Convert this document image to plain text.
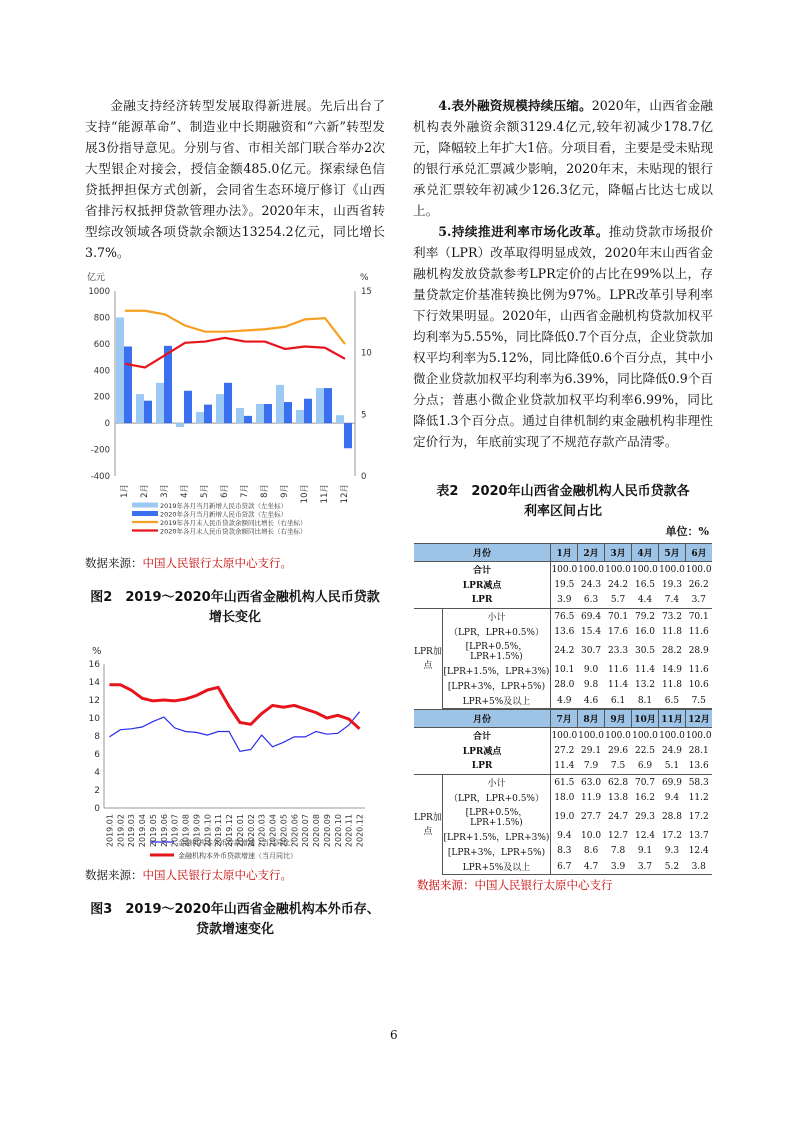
金融支持经济转型发展取得新进展。先后出台了支持“能源革命”、制造业中长期融资和“六新”转型发展3份指导意见。分别与省、市相关部门联合举办2次大型银企对接会，授信金额485.0亿元。探索绿色信贷抵押担保方式创新，会同省生态环境厅修订《山西省排污权抵押贷款管理办法》。2020年末，山西省转型综改领域各项贷款余额达13254.2亿元，同比增长3.7%。

亿元	%
-400
-200
0
200
400
600
800
1000
0
5
10
15
1月 2月 3月 4月 5月 6月 7月 8月 9月 10月 11月 12月
2019年各月当月新增人民币贷款（左坐标）
2020年各月当月新增人民币贷款（左坐标）
2019年各月末人民币贷款余额同比增长（右坐标）
2020年各月末人民币贷款余额同比增长（右坐标）
数据来源：中国人民银行太原中心支行。
图2　2019～2020年山西省金融机构人民币贷款增长变化
%
0
2
4
6
8
10
12
14
16
2019.01 2019.02 2019.03 2019.04 2019.05 2019.06 2019.07 2019.08 2019.09 2019.10 2019.11 2019.12 2020.01 2020.02 2020.03 2020.04 2020.05 2020.06 2020.07 2020.08 2020.09 2020.10 2020.11 2020.12
金融机构本外币存款增速（当月同比）
金融机构本外币贷款增速（当月同比）
数据来源：中国人民银行太原中心支行。
图3　2019～2020年山西省金融机构本外币存、贷款增速变化

4.表外融资规模持续压缩。2020年，山西省金融机构表外融资余额3129.4亿元,较年初减少178.7亿元，降幅较上年扩大1倍。分项目看，主要是受未贴现的银行承兑汇票减少影响，2020年末，未贴现的银行承兑汇票较年初减少126.3亿元，降幅占比达七成以上。

5.持续推进利率市场化改革。推动贷款市场报价利率（LPR）改革取得明显成效，2020年末山西省金融机构发放贷款参考LPR定价的占比在99%以上，存量贷款定价基准转换比例为97%。LPR改革引导利率下行效果明显。2020年，山西省金融机构贷款加权平均利率为5.55%，同比降低0.7个百分点，企业贷款加权平均利率为5.12%，同比降低0.6个百分点，其中小微企业贷款加权平均利率为6.39%，同比降低0.9个百分点；普惠小微企业贷款加权平均利率6.99%，同比降低1.3个百分点。通过自律机制约束金融机构非理性定价行为，年底前实现了不规范存款产品清零。

表2　2020年山西省金融机构人民币贷款各利率区间占比
单位：%
月份		1月	2月	3月	4月	5月	6月
合计		100.0	100.0	100.0	100.0	100.0	100.0
LPR减点		19.5	24.3	24.2	16.5	19.3	26.2
LPR		3.9	6.3	5.7	4.4	7.4	3.7
LPR加点	小计	76.5	69.4	70.1	79.2	73.2	70.1
	（LPR，LPR+0.5%）	13.6	15.4	17.6	16.0	11.8	11.6
	[LPR+0.5%，LPR+1.5%)	24.2	30.7	23.3	30.5	28.2	28.9
	[LPR+1.5%，LPR+3%)	10.1	9.0	11.6	11.4	14.9	11.6
	[LPR+3%，LPR+5%)	28.0	9.8	11.4	13.2	11.8	10.6
	LPR+5%及以上	4.9	4.6	6.1	8.1	6.5	7.5
月份		7月	8月	9月	10月	11月	12月
合计		100.0	100.0	100.0	100.0	100.0	100.0
LPR减点		27.2	29.1	29.6	22.5	24.9	28.1
LPR		11.4	7.9	7.5	6.9	5.1	13.6
LPR加点	小计	61.5	63.0	62.8	70.7	69.9	58.3
	（LPR，LPR+0.5%）	18.0	11.9	13.8	16.2	9.4	11.2
	[LPR+0.5%，LPR+1.5%)	19.0	27.7	24.7	29.3	28.8	17.2
	[LPR+1.5%，LPR+3%)	9.4	10.0	12.7	12.4	17.2	13.7
	[LPR+3%，LPR+5%)	8.3	8.6	7.8	9.1	9.3	12.4
	LPR+5%及以上	6.7	4.7	3.9	3.7	5.2	3.8
数据来源：中国人民银行太原中心支行
6
